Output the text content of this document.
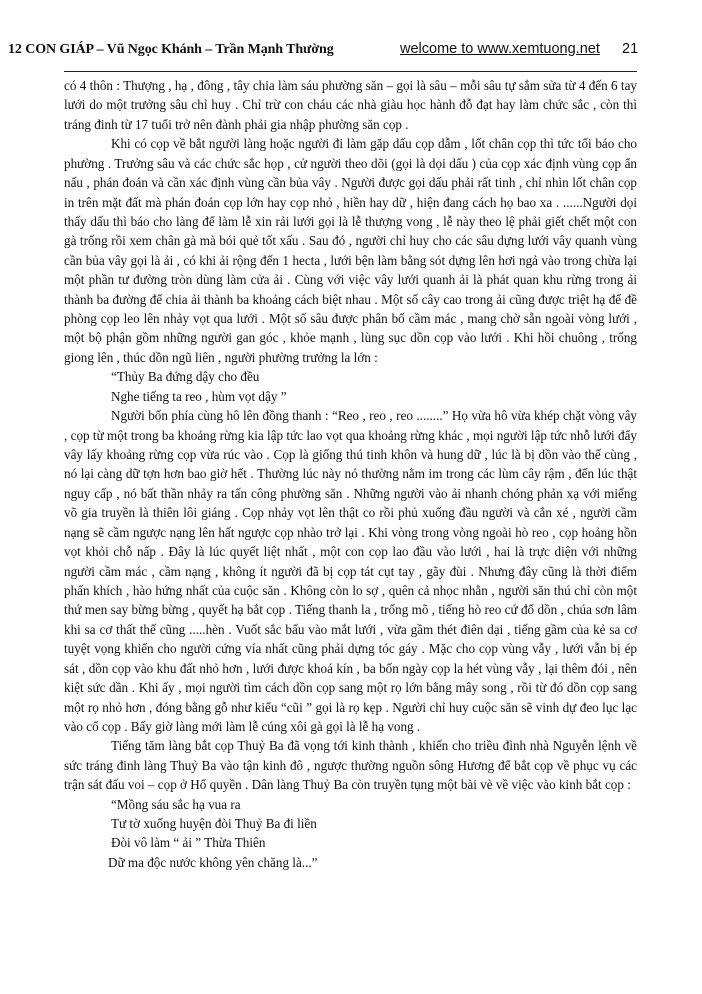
12 CON GIÁP – Vũ Ngọc Khánh – Trần Mạnh Thường	welcome to www.xemtuong.net 21

có 4 thôn : Thượng , hạ , đông , tây chia làm sáu phường săn – gọi là sâu – mỗi sâu tự sắm sửa từ 4 đến 6 tay lưới do một trưởng sâu chỉ huy . Chỉ trừ con cháu các nhà giàu học hành đỗ đạt hay làm chức sắc , còn thì tráng đinh từ 17 tuổi trở nên đành phải gia nhập phường săn cọp .

Khi có cọp về bắt người làng hoặc người đi làm gặp dấu cọp dẫm , lốt chân cọp thì tức tối báo cho phường . Trưởng sâu và các chức sắc họp , cử người theo dõi (gọi là dọi dấu ) của cọp xác định vùng cọp ẩn nấu , phán đoán và cần xác định vùng cần bủa vây . Người được gọi dấu phải rất tinh , chỉ nhìn lốt chân cọp in trên mặt đất mà phán đoán cọp lớn hay cọp nhỏ , hiền hay dữ , hiện đang cách họ bao xa . ......Người dọi thấy dấu thì báo cho làng để làm lễ xin rải lưới gọi là lễ thượng vong , lễ này theo lệ phải giết chết một con gà trống rồi xem chân gà mà bói quẻ tốt xấu . Sau đó , người chỉ huy cho các sâu dựng lưới vây quanh vùng cần bủa vây gọi là ải , có khi ải rộng đến 1 hecta , lưới bện làm bằng sót dựng lên hơi ngả vào trong chừa lại một phần tư đường tròn dùng làm cửa ải . Cùng với việc vây lưới quanh ải là phát quan khu rừng trong ải thành ba đường để chia ải thành ba khoảng cách biệt nhau . Một số cây cao trong ải cũng được triệt hạ để đề phòng cọp leo lên nhảy vọt qua lưới . Một số sâu được phân bố cầm mác , mang chờ sẵn ngoài vòng lưới , một bộ phận gồm những người gan góc , khỏe mạnh , lùng sục dồn cọp vào lưới . Khi hồi chuông , trống giong lên , thúc dồn ngũ liên , người phường trưởng la lớn :

“Thủy Ba đứng dậy cho đều

Nghe tiếng ta reo , hùm vọt dậy ”

Người bốn phía cùng hô lên đồng thanh : “Reo , reo , reo ........” Họ vừa hô vừa khép chặt vòng vây , cọp từ một trong ba khoảng rừng kia lập tức lao vọt qua khoảng rừng khác , mọi người lập tức nhỗ lưới đẩy vây lấy khoảng rừng cọp vừa rúc vào . Cọp là giống thú tinh khôn và hung dữ , lúc là bị dồn vào thế cùng , nó lại càng dữ tợn hơn bao giờ hết . Thường lúc này nó thường nằm im trong các lùm cây rậm , đến lúc thật nguy cấp , nó bất thần nhảy ra tấn công phường săn . Những người vào ải nhanh chóng phản xạ với miếng võ gia truyền là thiên lôi giáng . Cọp nhảy vọt lên thật co rồi phủ xuống đầu người và cắn xé , người cầm nạng sẽ cầm ngược nạng lên hất ngược cọp nhào trở lại . Khi vòng trong vòng ngoài hò reo , cọp hoảng hồn vọt khỏi chỗ nấp . Đây là lúc quyết liệt nhất , một con cọp lao đầu vào lưới , hai là trực diện với những người cầm mác , cầm nạng , không ít người đã bị cọp tát cụt tay , gãy đùi . Nhưng đây cũng là thời điểm phấn khích , hào hứng nhất của cuộc săn . Không còn lo sợ , quên cả nhọc nhằn , người săn thú chỉ còn một thứ men say bừng bừng , quyết hạ bắt cọp . Tiếng thanh la , trống mõ , tiếng hò reo cứ đổ dồn , chúa sơn lâm khi sa cơ thất thế cũng .....hèn . Vuốt sắc bấu vào mắt lưới , vừa gầm thét điên dại , tiếng gầm của kẻ sa cơ tuyệt vọng khiến cho người cứng vía nhất cũng phải dựng tóc gáy . Mặc cho cọp vùng vẫy , lưới vẫn bị ép sát , dồn cọp vào khu đất nhỏ hơn , lưới được khoá kín , ba bốn ngày cọp la hét vùng vẫy , lại thêm đói , nên kiệt sức dần . Khi ấy , mọi người tìm cách dồn cọp sang một rọ lớn bằng mây song , rồi từ đó dồn cọp sang một rọ nhỏ hơn , đóng bằng gỗ như kiểu “cũi ” gọi là rọ kẹp . Người chỉ huy cuộc săn sẽ vinh dự đeo lục lạc vào cổ cọp . Bấy giờ làng mới làm lễ cúng xôi gà gọi là lễ hạ vong .

Tiếng tăm làng bắt cọp Thuỷ Ba đã vọng tới kinh thành , khiến cho triều đình nhà Nguyễn lệnh về sức tráng đinh làng Thuỷ Ba vào tận kinh đô , ngược thường nguồn sông Hương để bắt cọp về phục vụ các trận sát đấu voi – cọp ở Hổ quyền . Dân làng Thuỷ Ba còn truyền tụng một bài vè về việc vào kinh bắt cọp :

“Mồng sáu sắc hạ vua ra

Tư tờ xuống huyện đòi Thuỷ Ba đi liền

Đòi vô làm “ ải ” Thừa Thiên

Dữ ma độc nước không yên chăng là...”
